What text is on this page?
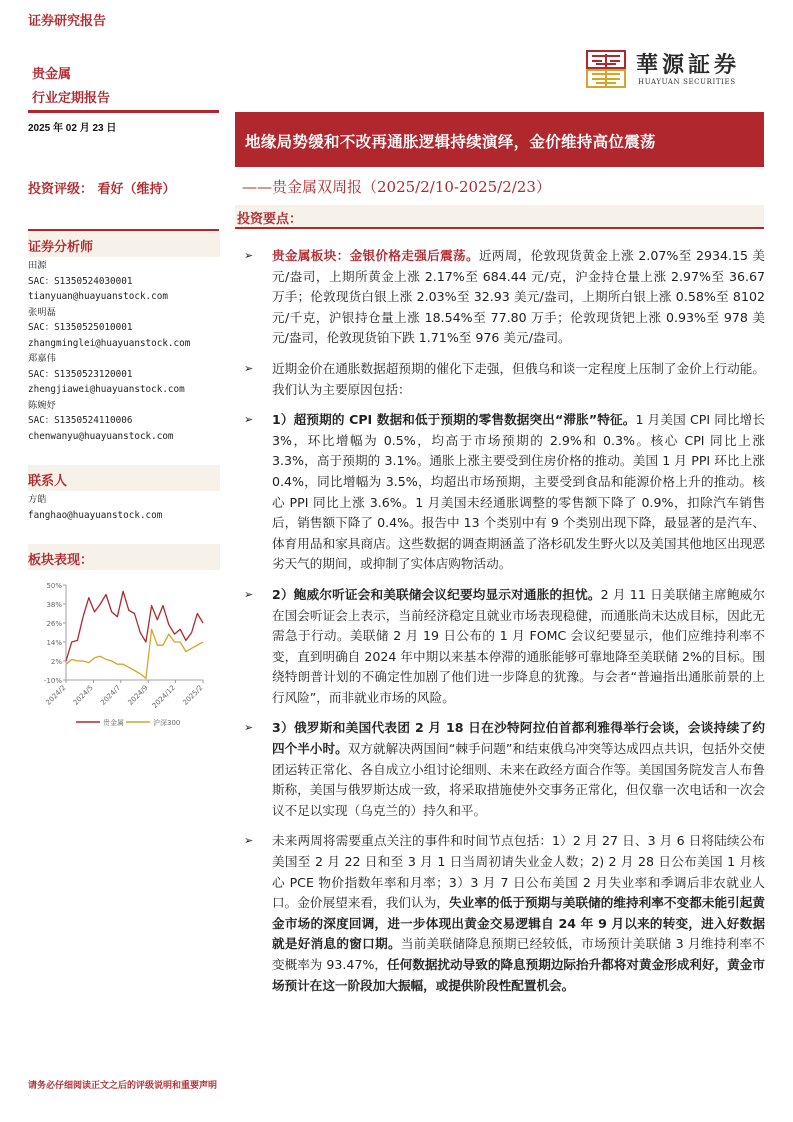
证券研究报告
贵金属
行业定期报告
2025 年 02 月 23 日
華源証券
HUAYUAN SECURITIES
地缘局势缓和不改再通胀逻辑持续演绎，金价维持高位震荡
投资评级： 看好（维持）	——贵金属双周报（2025/2/10-2025/2/23）
投资要点：
证券分析师
田源
SAC：S1350524030001
tianyuan@huayuanstock.com
张明磊
SAC：S1350525010001
zhangminglei@huayuanstock.com
郑嘉伟
SAC：S1350523120001
zhengjiawei@huayuanstock.com
陈婉妤
SAC：S1350524110006
chenwanyu@huayuanstock.com
联系人
方皓
fanghao@huayuanstock.com
板块表现：
50%
38%
26%
14%
2%
-10%
2024/2 2024/5 2024/7 2024/9 2024/12 2025/2
贵金属	沪深300
➢ 贵金属板块：金银价格走强后震荡。近两周，伦敦现货黄金上涨 2.07%至 2934.15 美元/盎司，上期所黄金上涨 2.17%至 684.44 元/克，沪金持仓量上涨 2.97%至 36.67 万手；伦敦现货白银上涨 2.03%至 32.93 美元/盎司，上期所白银上涨 0.58%至 8102 元/千克，沪银持仓量上涨 18.54%至 77.80 万手；伦敦现货钯上涨 0.93%至 978 美元/盎司，伦敦现货铂下跌 1.71%至 976 美元/盎司。
➢ 近期金价在通胀数据超预期的催化下走强，但俄乌和谈一定程度上压制了金价上行动能。我们认为主要原因包括：
➢ 1）超预期的 CPI 数据和低于预期的零售数据突出“滞胀”特征。1 月美国 CPI 同比增长 3%，环比增幅为 0.5%，均高于市场预期的 2.9%和 0.3%。核心 CPI 同比上涨 3.3%，高于预期的 3.1%。通胀上涨主要受到住房价格的推动。美国 1 月 PPI 环比上涨 0.4%，同比增幅为 3.5%，均超出市场预期，主要受到食品和能源价格上升的推动。核心 PPI 同比上涨 3.6%。1 月美国未经通胀调整的零售额下降了 0.9%，扣除汽车销售后，销售额下降了 0.4%。报告中 13 个类别中有 9 个类别出现下降，最显著的是汽车、体育用品和家具商店。这些数据的调查期涵盖了洛杉矶发生野火以及美国其他地区出现恶劣天气的期间，或抑制了实体店购物活动。
➢ 2）鲍威尔听证会和美联储会议纪要均显示对通胀的担忧。2 月 11 日美联储主席鲍威尔在国会听证会上表示，当前经济稳定且就业市场表现稳健，而通胀尚未达成目标，因此无需急于行动。美联储 2 月 19 日公布的 1 月 FOMC 会议纪要显示，他们应维持利率不变，直到明确自 2024 年中期以来基本停滞的通胀能够可靠地降至美联储 2%的目标。围绕特朗普计划的不确定性加剧了他们进一步降息的犹豫。与会者“普遍指出通胀前景的上行风险”，而非就业市场的风险。
➢ 3）俄罗斯和美国代表团 2 月 18 日在沙特阿拉伯首都利雅得举行会谈，会谈持续了约四个半小时。双方就解决两国间“棘手问题”和结束俄乌冲突等达成四点共识，包括外交使团运转正常化、各自成立小组讨论细则、未来在政经方面合作等。美国国务院发言人布鲁斯称，美国与俄罗斯达成一致，将采取措施使外交事务正常化，但仅靠一次电话和一次会议不足以实现（乌克兰的）持久和平。
➢ 未来两周将需要重点关注的事件和时间节点包括：1）2 月 27 日、3 月 6 日将陆续公布美国至 2 月 22 日和至 3 月 1 日当周初请失业金人数；2) 2 月 28 日公布美国 1 月核心 PCE 物价指数年率和月率；3）3 月 7 日公布美国 2 月失业率和季调后非农就业人口。金价展望来看，我们认为，失业率的低于预期与美联储的维持利率不变都未能引起黄金市场的深度回调，进一步体现出黄金交易逻辑自 24 年 9 月以来的转变，进入好数据就是好消息的窗口期。当前美联储降息预期已经较低，市场预计美联储 3 月维持利率不变概率为 93.47%，任何数据扰动导致的降息预期边际抬升都将对黄金形成利好，黄金市场预计在这一阶段加大振幅，或提供阶段性配置机会。
请务必仔细阅读正文之后的评级说明和重要声明
